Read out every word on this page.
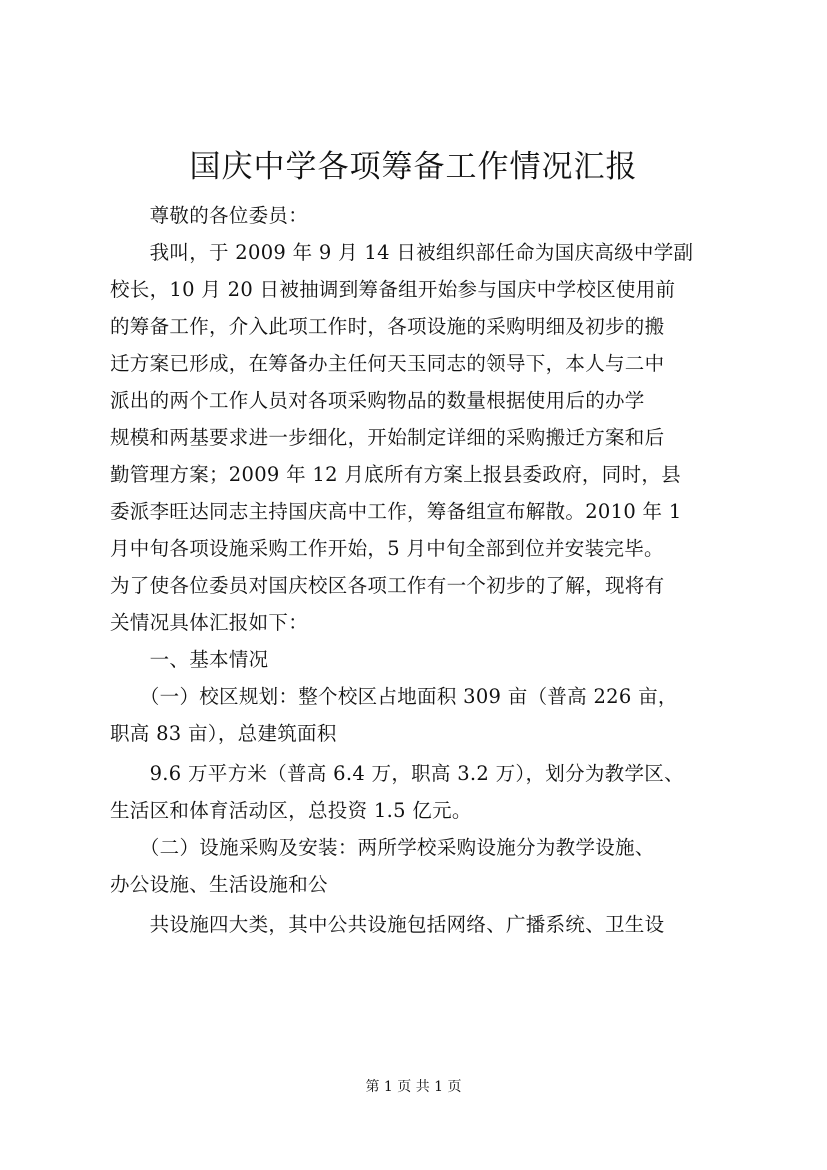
国庆中学各项筹备工作情况汇报
　　尊敬的各位委员：
　　我叫，于 2009 年 9 月 14 日被组织部任命为国庆高级中学副
校长，10 月 20 日被抽调到筹备组开始参与国庆中学校区使用前
的筹备工作，介入此项工作时，各项设施的采购明细及初步的搬
迁方案已形成，在筹备办主任何天玉同志的领导下，本人与二中
派出的两个工作人员对各项采购物品的数量根据使用后的办学
规模和两基要求进一步细化，开始制定详细的采购搬迁方案和后
勤管理方案；2009 年 12 月底所有方案上报县委政府，同时，县
委派李旺达同志主持国庆高中工作，筹备组宣布解散。2010 年 1
月中旬各项设施采购工作开始，5 月中旬全部到位并安装完毕。
为了使各位委员对国庆校区各项工作有一个初步的了解，现将有
关情况具体汇报如下：
　　一、基本情况
　　（一）校区规划：整个校区占地面积 309 亩（普高 226 亩，
职高 83 亩），总建筑面积
　　9.6 万平方米（普高 6.4 万，职高 3.2 万），划分为教学区、
生活区和体育活动区，总投资 1.5 亿元。
　　（二）设施采购及安装：两所学校采购设施分为教学设施、
办公设施、生活设施和公
　　共设施四大类，其中公共设施包括网络、广播系统、卫生设
第 1 页 共 1 页
